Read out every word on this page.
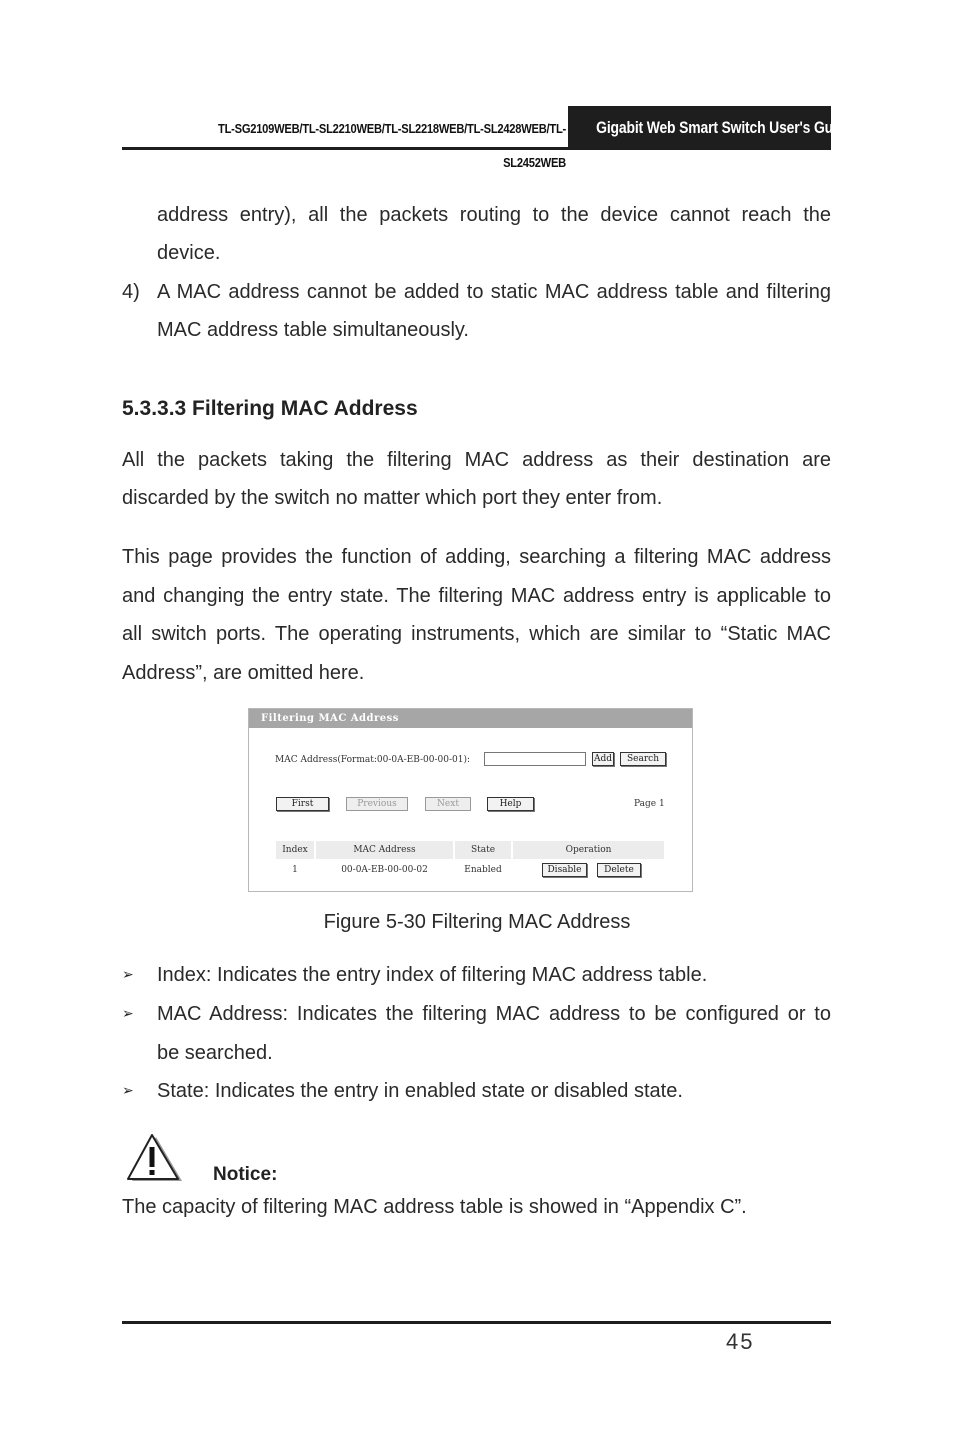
TL-SG2109WEB/TL-SL2210WEB/TL-SL2218WEB/TL-SL2428WEB/TL-SL2452WEB
Gigabit Web Smart Switch User's Guide
address entry), all the packets routing to the device cannot reach the
device.
4) A MAC address cannot be added to static MAC address table and filtering
MAC address table simultaneously.
5.3.3.3 Filtering MAC Address
All the packets taking the filtering MAC address as their destination are
discarded by the switch no matter which port they enter from.
This page provides the function of adding, searching a filtering MAC address
and changing the entry state. The filtering MAC address entry is applicable to
all switch ports. The operating instruments, which are similar to “Static MAC
Address”, are omitted here.
Filtering MAC Address
MAC Address(Format:00-0A-EB-00-00-01):	Add	Search
First	Previous	Next	Help	Page 1
Index	MAC Address	State	Operation
1	00-0A-EB-00-00-02	Enabled	Disable	Delete
Figure 5-30 Filtering MAC Address
➢ Index: Indicates the entry index of filtering MAC address table.
➢ MAC Address: Indicates the filtering MAC address to be configured or to
be searched.
➢ State: Indicates the entry in enabled state or disabled state.
Notice:
The capacity of filtering MAC address table is showed in “Appendix C”.
45
